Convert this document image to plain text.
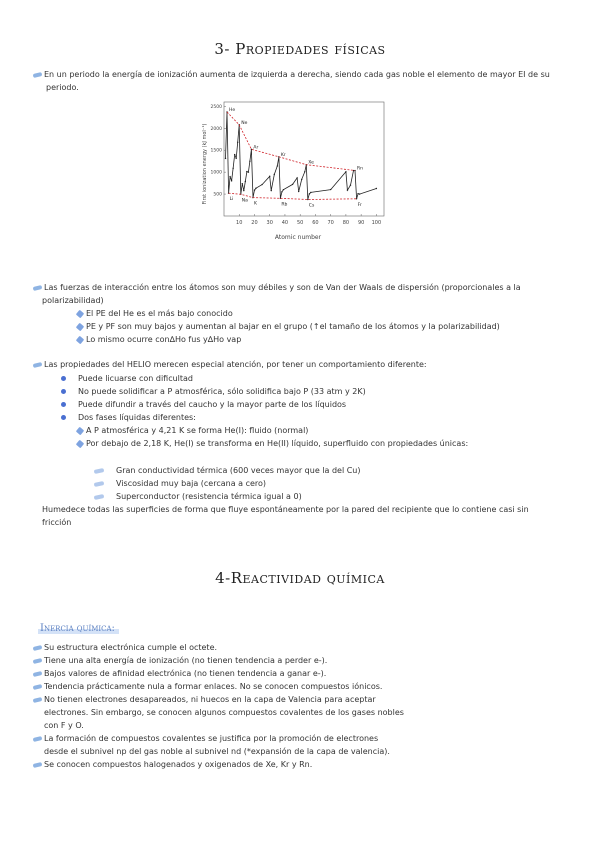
3- Propiedades físicas
En un periodo la energía de ionización aumenta de izquierda a derecha, siendo cada gas noble el elemento de mayor EI de su
periodo.
2500
2000
1500
1000
500
10 20 30 40 50 60 70 80 90 100
He
Ne
Ar
Kr
Xe
Rn
Li Na
K	Rb	Cs	Fr
Atomic number
First ionization energy (kJ mol⁻¹)
Las fuerzas de interacción entre los átomos son muy débiles y son de Van der Waals de dispersión (proporcionales a la
polarizabilidad)
El PE del He es el más bajo conocido
PE y PF son muy bajos y aumentan al bajar en el grupo (↑el tamaño de los átomos y la polarizabilidad)
Lo mismo ocurre con∆Ho fus y∆Ho vap
Las propiedades del HELIO merecen especial atención, por tener un comportamiento diferente:
Puede licuarse con dificultad
No puede solidificar a P atmosférica, sólo solidifica bajo P (33 atm y 2K)
Puede difundir a través del caucho y la mayor parte de los líquidos
Dos fases líquidas diferentes:
A P atmosférica y 4,21 K se forma He(I): fluido (normal)
Por debajo de 2,18 K, He(I) se transforma en He(II) líquido, superfluido con propiedades únicas:
Gran conductividad térmica (600 veces mayor que la del Cu)
Viscosidad muy baja (cercana a cero)
Superconductor (resistencia térmica igual a 0)
Humedece todas las superficies de forma que fluye espontáneamente por la pared del recipiente que lo contiene casi sin
fricción
4-Reactividad química
Inercia química:
Su estructura electrónica cumple el octete.
Tiene una alta energía de ionización (no tienen tendencia a perder e-).
Bajos valores de afinidad electrónica (no tienen tendencia a ganar e-).
Tendencia prácticamente nula a formar enlaces. No se conocen compuestos iónicos.
No tienen electrones desapareados, ni huecos en la capa de Valencia para aceptar
electrones. Sin embargo, se conocen algunos compuestos covalentes de los gases nobles
con F y O.
La formación de compuestos covalentes se justifica por la promoción de electrones
desde el subnivel np del gas noble al subnivel nd (*expansión de la capa de valencia).
Se conocen compuestos halogenados y oxigenados de Xe, Kr y Rn.
